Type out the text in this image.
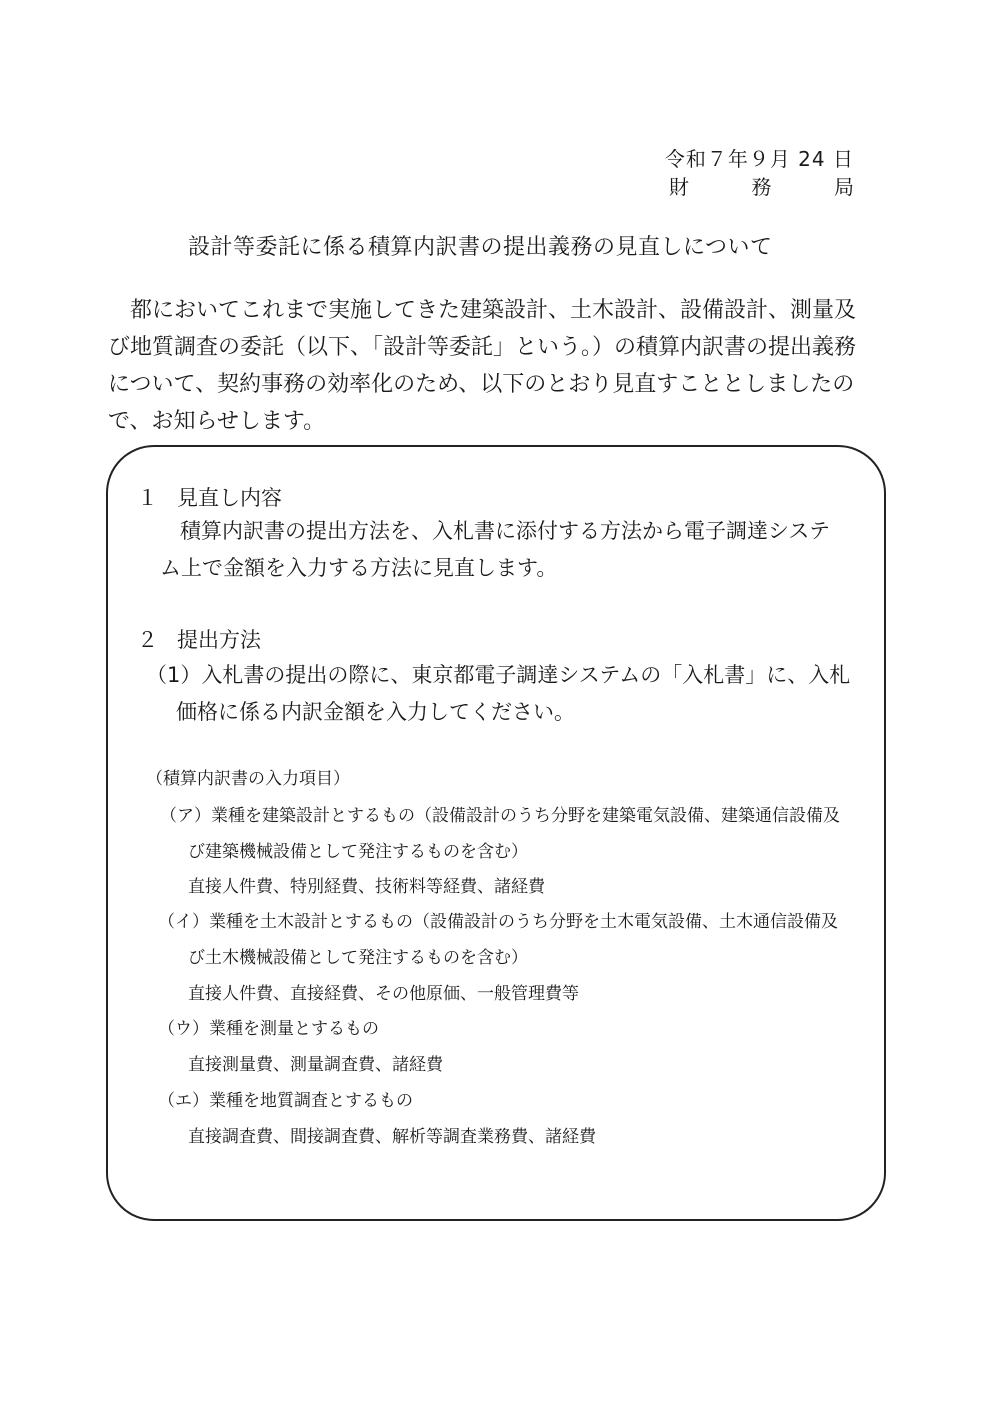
令和７年９月 24 日
財　　務　　局
設計等委託に係る積算内訳書の提出義務の見直しについて
都においてこれまで実施してきた建築設計、土木設計、設備設計、測量及
び地質調査の委託（以下、「設計等委託」という。）の積算内訳書の提出義務
について、契約事務の効率化のため、以下のとおり見直すこととしましたの
で、お知らせします。
１ 見直し内容
積算内訳書の提出方法を、入札書に添付する方法から電子調達システ
ム上で金額を入力する方法に見直します。
２ 提出方法
（1）入札書の提出の際に、東京都電子調達システムの「入札書」に、入札
価格に係る内訳金額を入力してください。
（積算内訳書の入力項目）
（ア）業種を建築設計とするもの（設備設計のうち分野を建築電気設備、建築通信設備及
び建築機械設備として発注するものを含む）
直接人件費、特別経費、技術料等経費、諸経費
（イ）業種を土木設計とするもの（設備設計のうち分野を土木電気設備、土木通信設備及
び土木機械設備として発注するものを含む）
直接人件費、直接経費、その他原価、一般管理費等
（ウ）業種を測量とするもの
直接測量費、測量調査費、諸経費
（エ）業種を地質調査とするもの
直接調査費、間接調査費、解析等調査業務費、諸経費
